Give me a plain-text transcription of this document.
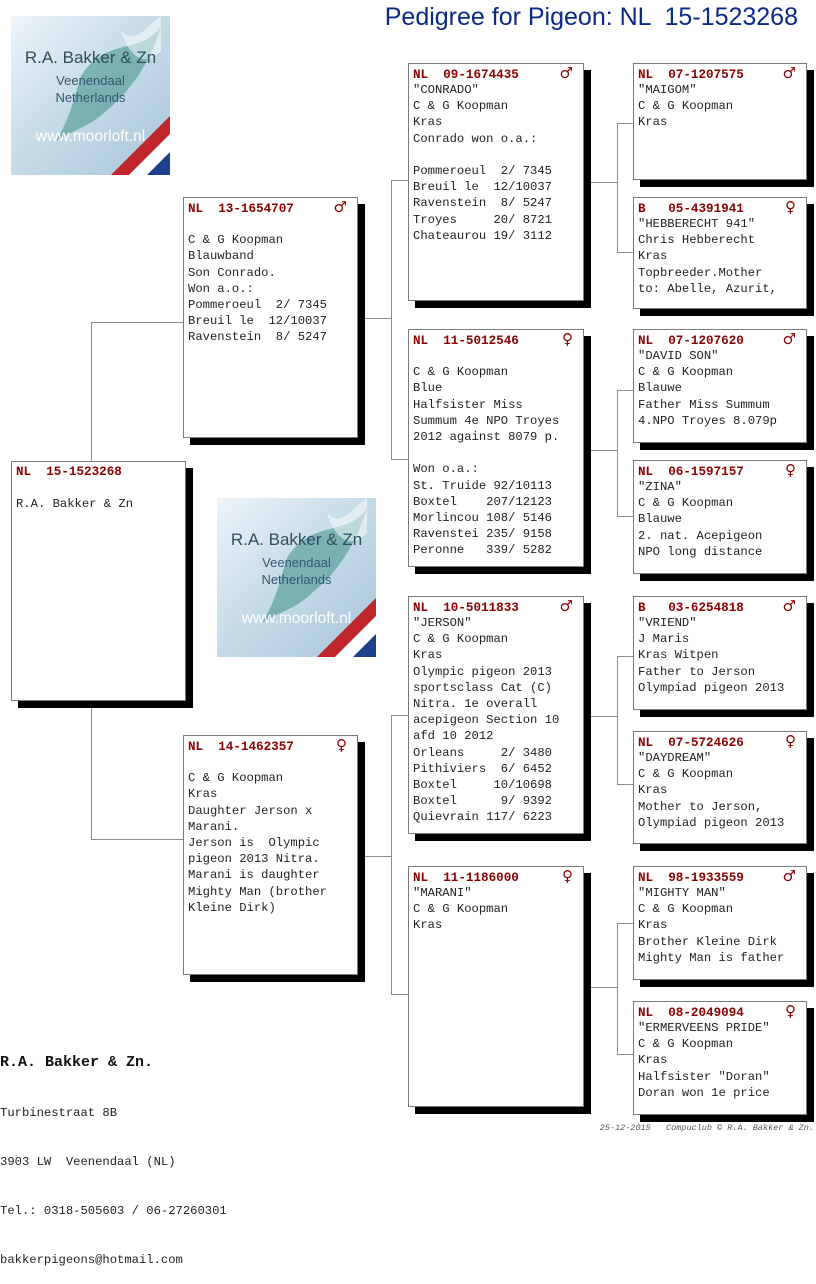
Pedigree for Pigeon: NL  15-1523268
R.A. Bakker & Zn
Veenendaal
Netherlands
www.moorloft.nl
R.A. Bakker & Zn
Veenendaal
Netherlands
www.moorloft.nl
NL  15-1523268
R.A. Bakker & Zn
NL  13-1654707	♂
C & G Koopman
Blauwband
Son Conrado.
Won a.o.:
Pommeroeul  2/ 7345
Breuil le  12/10037
Ravenstein  8/ 5247
NL  14-1462357	♀
C & G Koopman
Kras
Daughter Jerson x
Marani.
Jerson is  Olympic
pigeon 2013 Nitra.
Marani is daughter
Mighty Man (brother
Kleine Dirk)
NL  09-1674435	♂
"CONRADO"
C & G Koopman
Kras
Conrado won o.a.:
Pommeroeul  2/ 7345
Breuil le  12/10037
Ravenstein  8/ 5247
Troyes     20/ 8721
Chateaurou 19/ 3112
NL  11-5012546	♀
C & G Koopman
Blue
Halfsister Miss
Summum 4e NPO Troyes
2012 against 8079 p.
Won o.a.:
St. Truide 92/10113
Boxtel    207/12123
Morlincou 108/ 5146
Ravenstei 235/ 9158
Peronne   339/ 5282
NL  10-5011833	♂
"JERSON"
C & G Koopman
Kras
Olympic pigeon 2013
sportsclass Cat (C)
Nitra. 1e overall
acepigeon Section 10
afd 10 2012
Orleans     2/ 3480
Pithiviers  6/ 6452
Boxtel     10/10698
Boxtel      9/ 9392
Quievrain 117/ 6223
NL  11-1186000	♀
"MARANI"
C & G Koopman
Kras
NL  07-1207575	♂
"MAIGOM"
C & G Koopman
Kras
B   05-4391941	♀
"HEBBERECHT 941"
Chris Hebberecht
Kras
Topbreeder.Mother
to: Abelle, Azurit,
NL  07-1207620	♂
"DAVID SON"
C & G Koopman
Blauwe
Father Miss Summum
4.NPO Troyes 8.079p
NL  06-1597157	♀
"ZINA"
C & G Koopman
Blauwe
2. nat. Acepigeon
NPO long distance
B   03-6254818	♂
"VRIEND"
J Maris
Kras Witpen
Father to Jerson
Olympiad pigeon 2013
NL  07-5724626	♀
"DAYDREAM"
C & G Koopman
Kras
Mother to Jerson,
Olympiad pigeon 2013
NL  98-1933559	♂
"MIGHTY MAN"
C & G Koopman
Kras
Brother Kleine Dirk
Mighty Man is father
NL  08-2049094	♀
"ERMERVEENS PRIDE"
C & G Koopman
Kras
Halfsister "Doran"
Doran won 1e price

R.A. Bakker & Zn.

Turbinestraat 8B

3903 LW  Veenendaal (NL)

Tel.: 0318-505603 / 06-27260301

bakkerpigeons@hotmail.com

25-12-2015   Compuclub © R.A. Bakker & Zn.
